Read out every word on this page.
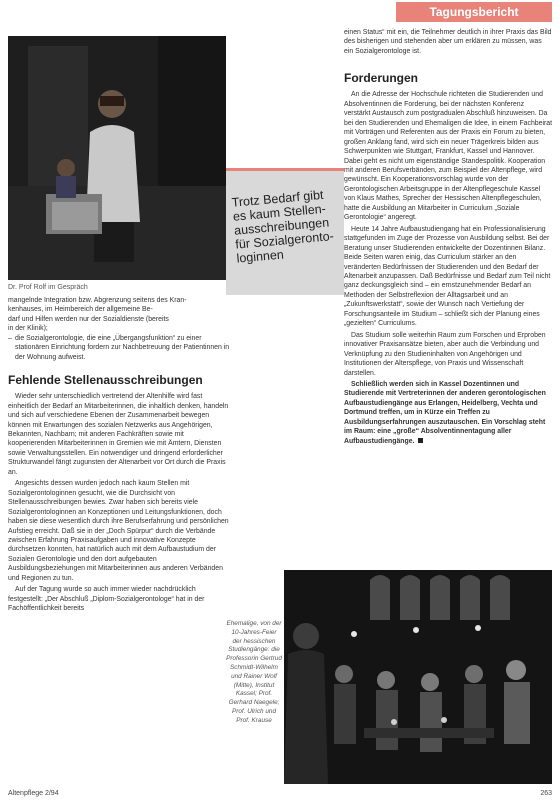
Tagungsbericht
Dr. Prof Rolf im Gespräch
Trotz Bedarf gibt es kaum Stellenausschreibungen für Sozialgerontologinnen

mangelnde Integration bzw. Abgrenzung seitens des Kran-

kenhauses, im Heimbereich der allgemeine Be-

darf und Hilfen werden nur der Sozialdienste (bereits

in der Klinik);

– die Sozialgerontologie, die eine „Übergangsfunktion“ zu einer stationären Einrichtung fordern zur Nachbetreuung der Patientinnen in der Wohnung aufweist.

Fehlende Stellenausschreibungen

Wieder sehr unterschiedlich vertretend der Altenhilfe wird fast einheitlich der Bedarf an Mitarbeiterinnen, die inhaltlich denken, handeln und sich auf verschiedene Ebenen der Zusammenarbeit bewegen können mit Erwartungen des sozialen Netzwerks aus Angehörigen, Bekannten, Nachbarn; mit anderen Fachkräften sowie mit kooperierenden Mitarbeiterinnen in Gremien wie mit Ämtern, Diensten sowie Verwaltungsstellen. Ein notwendiger und dringend erforderlicher Strukturwandel fängt zugunsten der Altenarbeit vor Ort durch die Praxis an.

Angesichts dessen wurden jedoch nach kaum Stellen mit Sozialgerontologinnen gesucht, wie die Durchsicht von Stellenausschreibungen bewies. Zwar haben sich bereits viele Sozialgerontologinnen an Konzeptionen und Leitungsfunktionen, doch haben sie diese wesentlich durch ihre Berufserfahrung und persönlichen Aufstieg erreicht. Daß sie in der „Doch Spürpur“ durch die Verbände zwischen Erfahrung Praxisaufgaben und innovative Konzepte durchsetzen konnten, hat natürlich auch mit dem Aufbaustudium der Sozialen Gerontologie und den dort aufgebauten Ausbildungsbeziehungen mit Mitarbeiterinnen aus anderen Verbänden und Regionen zu tun.

Auf der Tagung wurde so auch immer wieder nachdrücklich festgestellt: „Der Abschluß „Diplom-Sozialgerontologe“ hat in der Fachöffentlichkeit bereits

einen Status“ mit ein, die Teilnehmer deutlich in ihrer Praxis das Bild des bisherigen und stehenden aber um erklären zu müssen, was ein Sozialgerontologe ist.

Forderungen

An die Adresse der Hochschule richteten die Studierenden und Absolventinnen die Forderung, bei der nächsten Konferenz verstärkt Austausch zum postgradualen Abschluß hinzuweisen. Da bei den Studierenden und Ehemaligen die Idee, in einem Fachbeirat mit Vorträgen und Referenten aus der Praxis ein Forum zu bieten, großen Anklang fand, wird sich ein neuer Trägerkreis bilden aus Schwerpunkten wie Stuttgart, Frankfurt, Kassel und Hannover. Dabei geht es nicht um eigenständige Standespolitik. Kooperation mit anderen Berufsverbänden, zum Beispiel der Altenpflege, wird gewünscht. Ein Kooperationsvorschlag wurde von der Gerontologischen Arbeitsgruppe in der Altenpflegeschule Kassel von Klaus Mathes, Sprecher der Hessischen Altenpflegeschulen, hatte die Ausbildung an Mitarbeiter in Curriculum „Soziale Gerontologie“ angeregt.

Heute 14 Jahre Aufbaustudiengang hat ein Professionalisierung stattgefunden im Zuge der Prozesse von Ausbildung selbst. Bei der Beratung unser Studierenden entwickelte der Dozentinnen Bilanz. Beide Seiten waren einig, das Curriculum stärker an den veränderten Bedürfnissen der Studierenden und den Bedarf der Altenarbeit anzupassen. Daß Bedürfnisse und Bedarf zum Teil nicht ganz deckungsgleich sind – ein ernstzunehmender Bedarf an Methoden der Selbstreflexion der Alltagsarbeit und an „Zukunftswerkstatt“, sowie der Wunsch nach Vertiefung der Forschungsanteile im Studium – schließt sich der Planung eines „gezielten“ Curriculums.

Das Studium solle weiterhin Raum zum Forschen und Erproben innovativer Praxisansätze bieten, aber auch die Verbindung und Verknüpfung zu den Studieninhalten von Angehörigen und Institutionen der Alterspflege, von Praxis und Wissenschaft darstellen.

Schließlich werden sich in Kassel Dozentinnen und Studierende mit Vertreterinnen der anderen gerontologischen Aufbaustudiengänge aus Erlangen, Heidelberg, Vechta und Dortmund treffen, um in Kürze ein Treffen zu Ausbildungserfahrungen auszutauschen. Ein Vorschlag steht im Raum: eine „große“ Absolventinnentagung aller Aufbaustudiengänge.

Ehemalige, von der 10-Jahres-Feier der hessischen Studiengänge: die Professorin Gertrud Schmidt-Wilhelm und Rainer Wolf (Mitte), Institut Kassel; Prof. Gerhard Naegele; Prof. Ulrich und Prof. Krause
Altenpflege 2/94	263
